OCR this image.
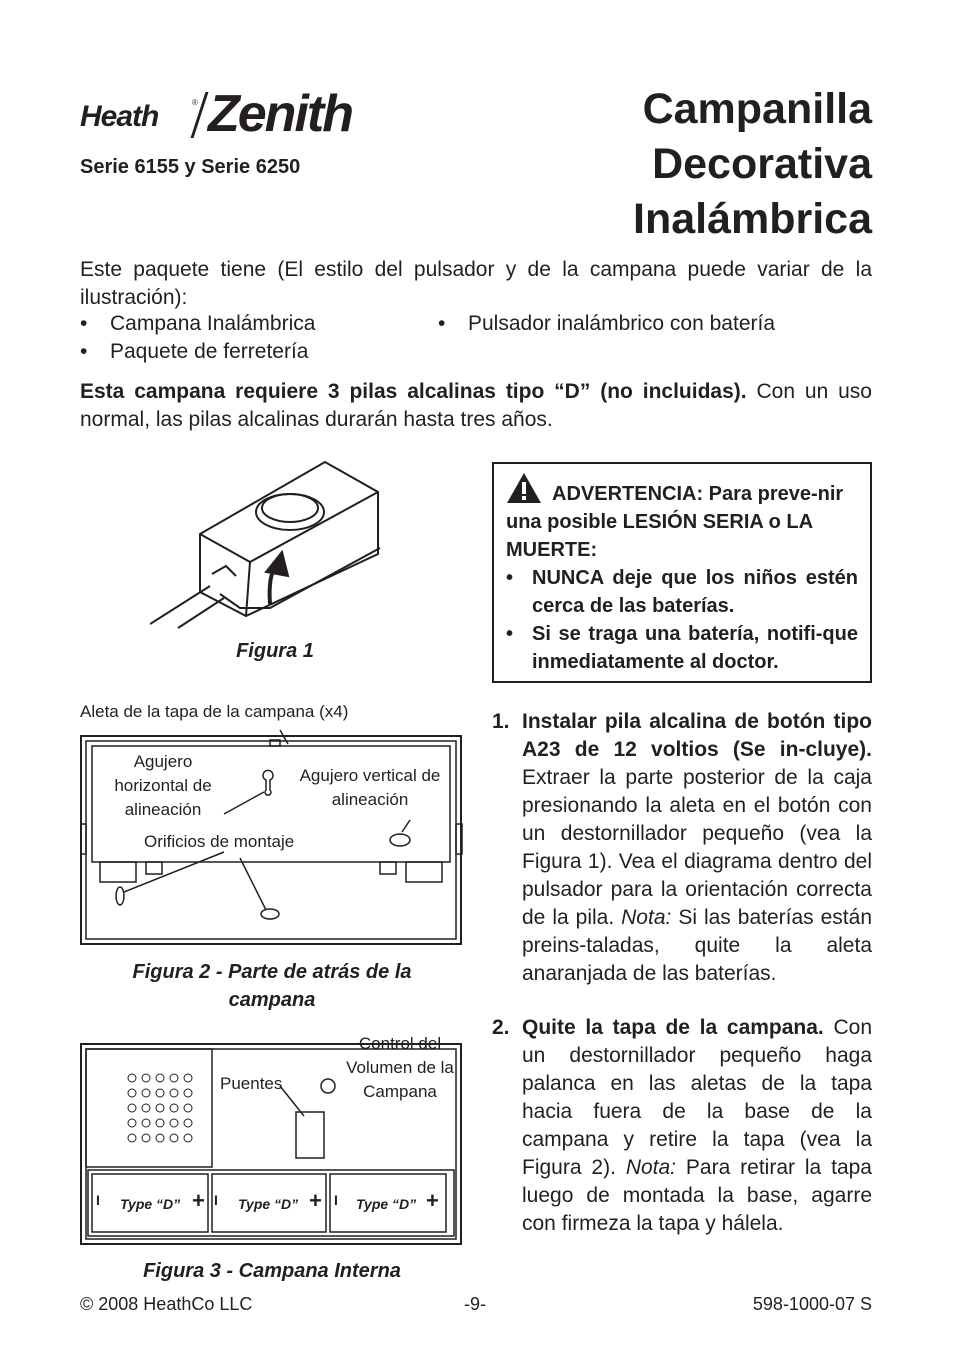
Heath	® Zenith
Serie 6155 y Serie 6250
Campanilla
Decorativa
Inalámbrica
Este paquete tiene (El estilo del pulsador y de la campana puede variar de la ilustración):
• Campana Inalámbrica	• Pulsador inalámbrico con batería
• Paquete de ferretería
Esta campana requiere 3 pilas alcalinas tipo “D” (no incluidas). Con un uso normal, las pilas alcalinas durarán hasta tres años.
Figura 1
Aleta de la tapa de la campana (x4)
Agujero horizontal de alineación
Agujero vertical de alineación
Orificios de montaje
Figura 2 - Parte de atrás de la campana
Puentes
Control del Volumen de la Campana
I Type “D” + I Type “D” + I Type “D” +
Figura 3 - Campana Interna
ADVERTENCIA: Para preve-nir una posible LESIÓN SERIA o LA MUERTE:
• NUNCA deje que los niños estén cerca de las baterías.
• Si se traga una batería, notifi-que inmediatamente al doctor.
1. Instalar pila alcalina de botón tipo A23 de 12 voltios (Se in-cluye). Extraer la parte posterior de la caja presionando la aleta en el botón con un destornillador pequeño (vea la Figura 1). Vea el diagrama dentro del pulsador para la orientación correcta de la pila. Nota: Si las baterías están preins-taladas, quite la aleta anaranjada de las baterías.
2. Quite la tapa de la campana. Con un destornillador pequeño haga palanca en las aletas de la tapa hacia fuera de la base de la campana y retire la tapa (vea la Figura 2). Nota: Para retirar la tapa luego de montada la base, agarre con firmeza la tapa y hálela.
© 2008 HeathCo LLC	-9-	598-1000-07 S
